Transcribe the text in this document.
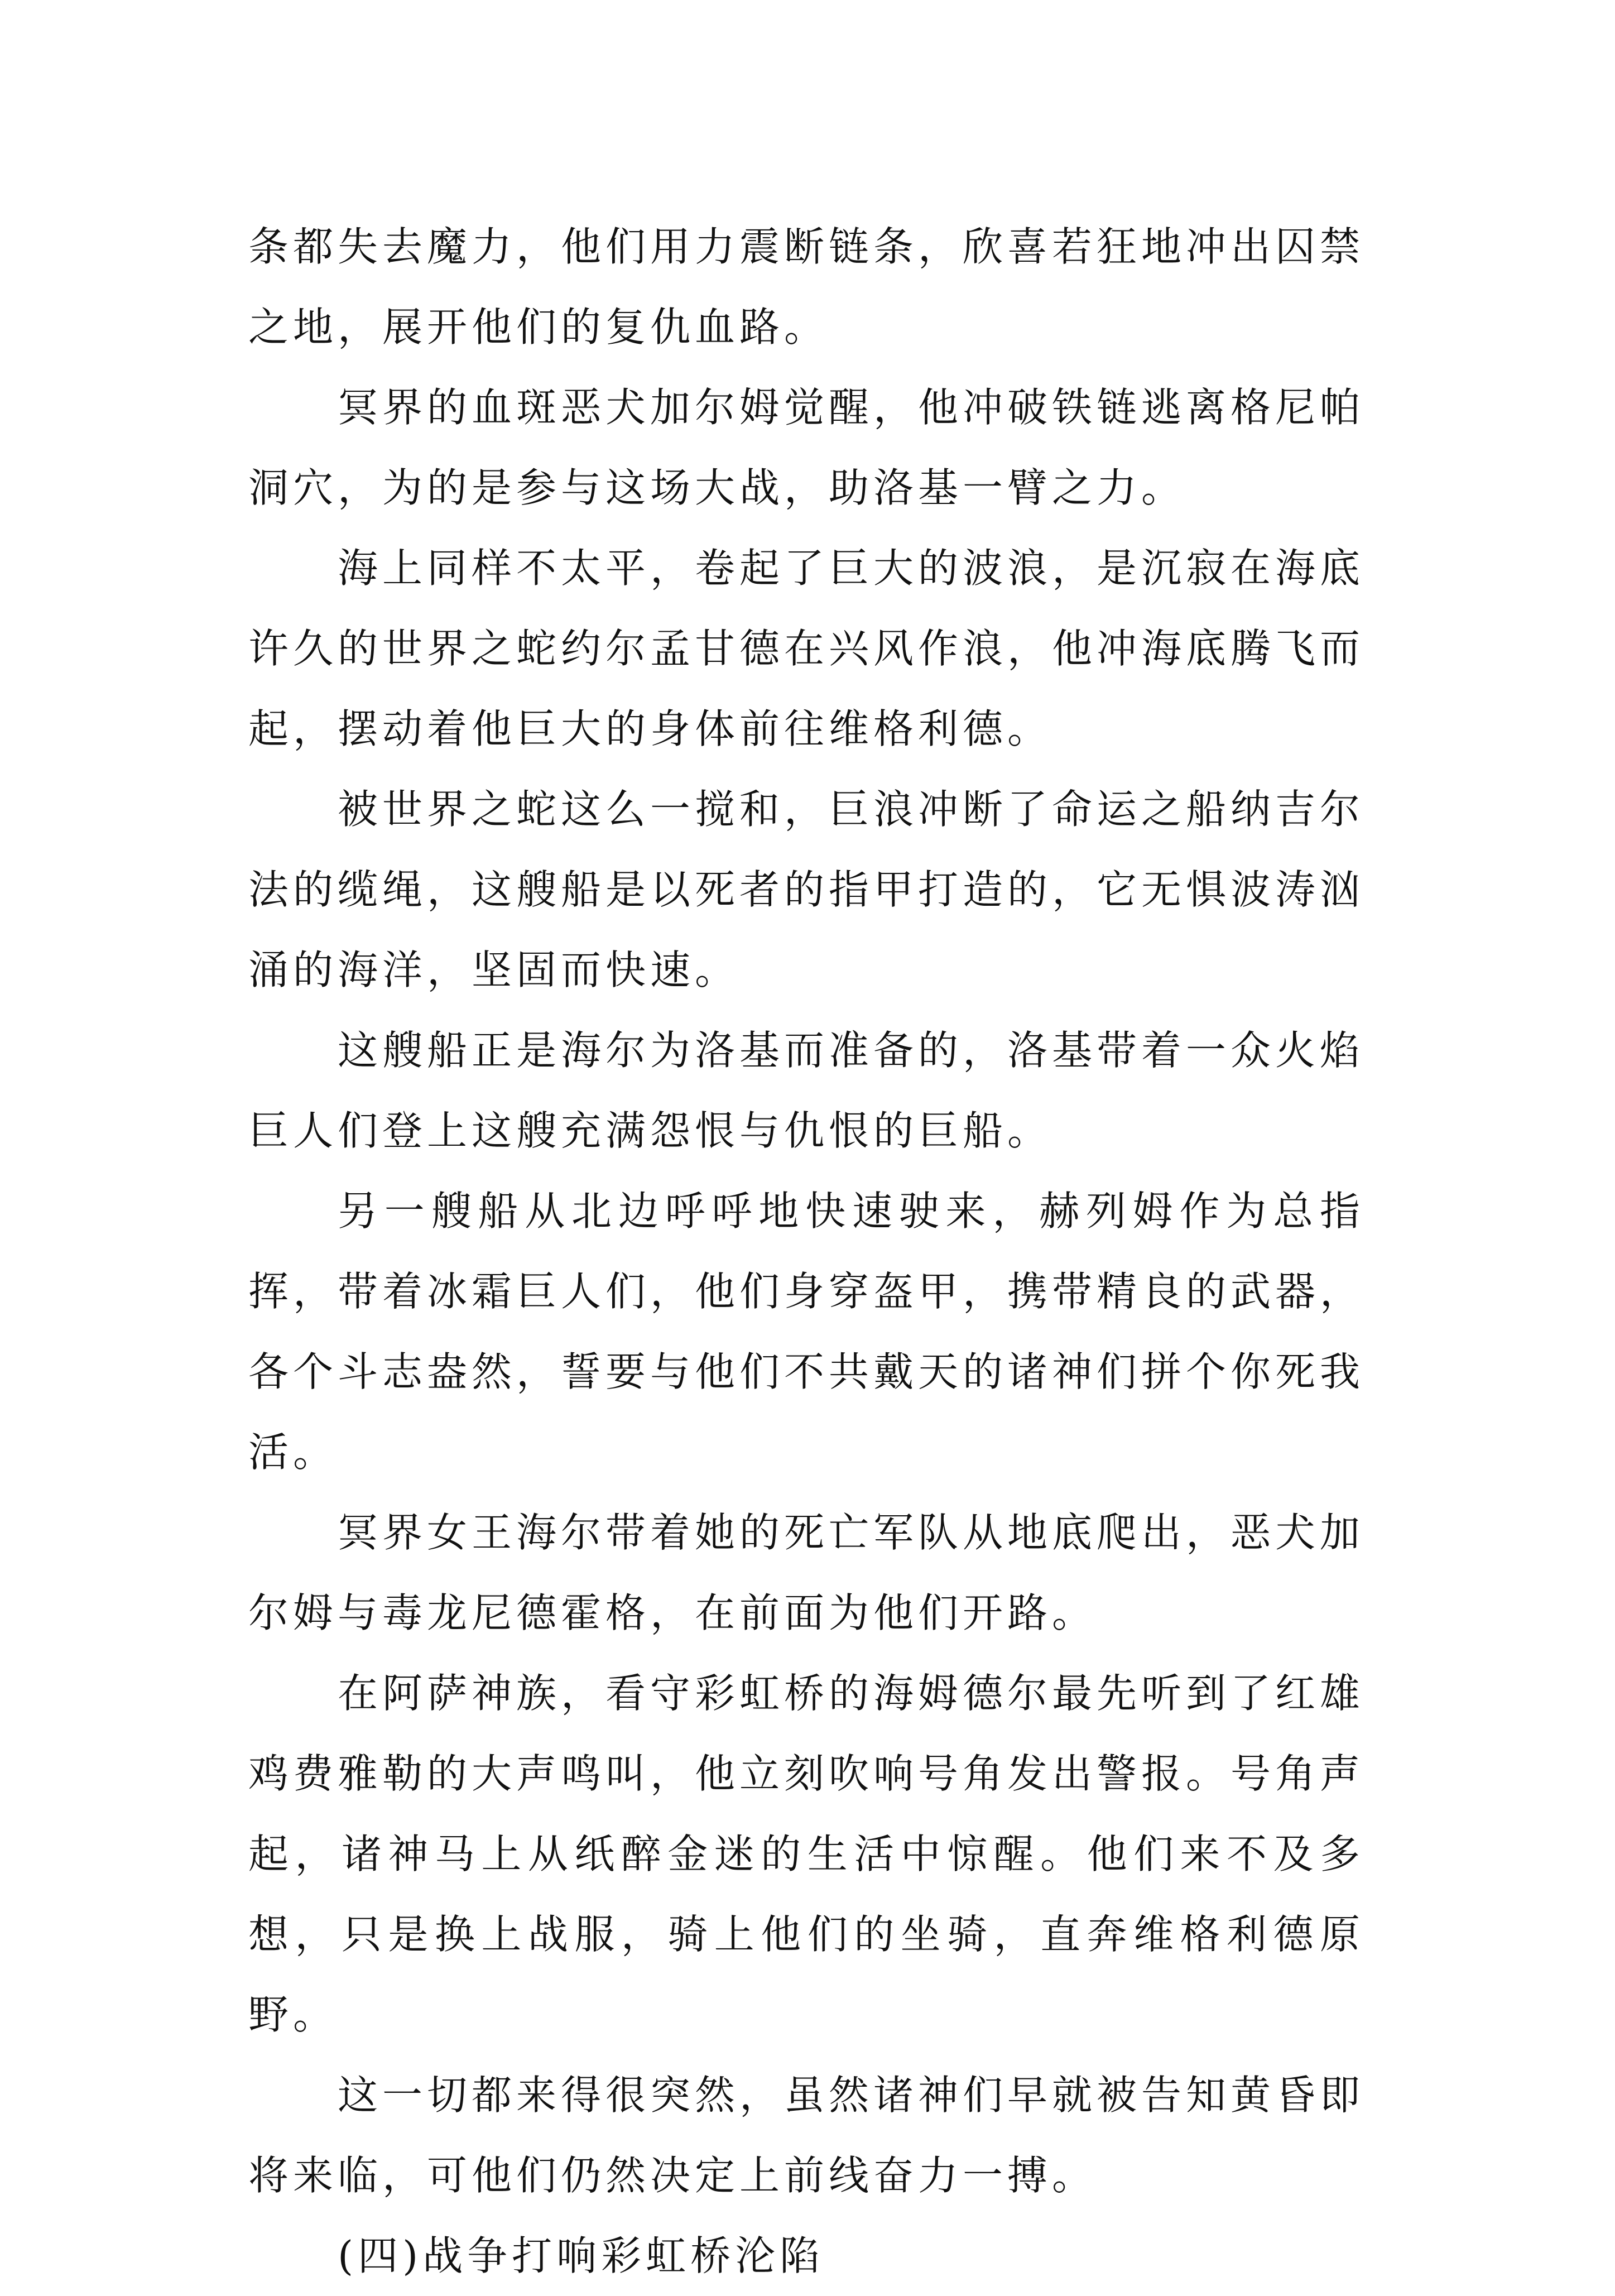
条都失去魔力，他们用力震断链条，欣喜若狂地冲出囚禁之地，展开他们的复仇血路。

冥界的血斑恶犬加尔姆觉醒，他冲破铁链逃离格尼帕洞穴，为的是参与这场大战，助洛基一臂之力。

海上同样不太平，卷起了巨大的波浪，是沉寂在海底许久的世界之蛇约尔孟甘德在兴风作浪，他冲海底腾飞而起，摆动着他巨大的身体前往维格利德。

被世界之蛇这么一搅和，巨浪冲断了命运之船纳吉尔法的缆绳，这艘船是以死者的指甲打造的，它无惧波涛汹涌的海洋，坚固而快速。

这艘船正是海尔为洛基而准备的，洛基带着一众火焰巨人们登上这艘充满怨恨与仇恨的巨船。

另一艘船从北边呼呼地快速驶来，赫列姆作为总指挥，带着冰霜巨人们，他们身穿盔甲，携带精良的武器，各个斗志盎然，誓要与他们不共戴天的诸神们拼个你死我活。

冥界女王海尔带着她的死亡军队从地底爬出，恶犬加尔姆与毒龙尼德霍格，在前面为他们开路。

在阿萨神族，看守彩虹桥的海姆德尔最先听到了红雄鸡费雅勒的大声鸣叫，他立刻吹响号角发出警报。号角声起，诸神马上从纸醉金迷的生活中惊醒。他们来不及多想，只是换上战服，骑上他们的坐骑，直奔维格利德原野。

这一切都来得很突然，虽然诸神们早就被告知黄昏即将来临，可他们仍然决定上前线奋力一搏。

(四)战争打响彩虹桥沦陷
